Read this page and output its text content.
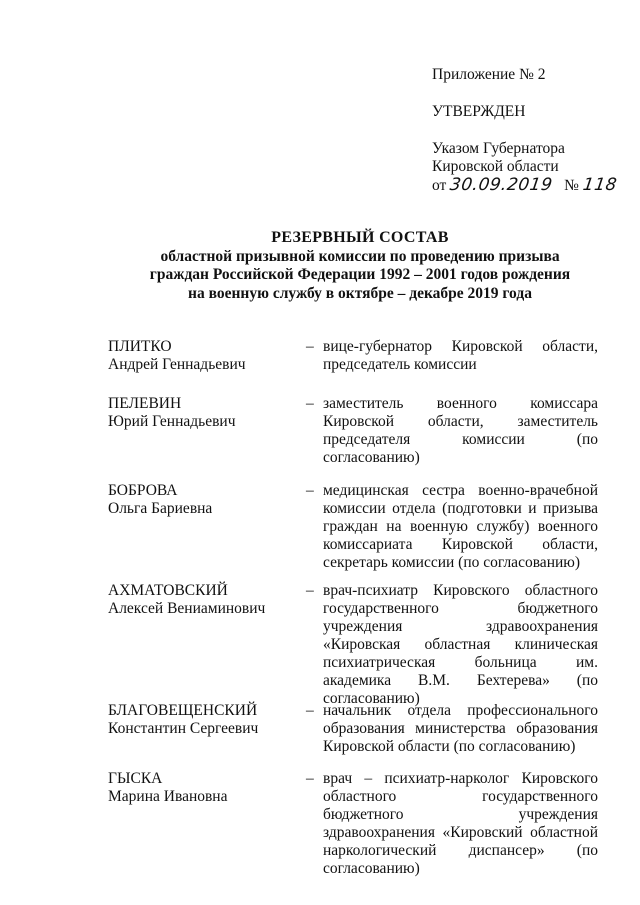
Приложение № 2
УТВЕРЖДЕН
Указом Губернатора
Кировской области
от 30.09.2019 № 118
РЕЗЕРВНЫЙ СОСТАВ
областной призывной комиссии по проведению призыва
граждан Российской Федерации 1992 – 2001 годов рождения
на военную службу в октябре – декабре 2019 года
ПЛИТКО
Андрей Геннадьевич
– вице-губернатор Кировской области, председатель комиссии
ПЕЛЕВИН
Юрий Геннадьевич
– заместитель военного комиссара Кировской области, заместитель председателя комиссии (по согласованию)
БОБРОВА
Ольга Бариевна
– медицинская сестра военно-врачебной комиссии отдела (подготовки и призыва граждан на военную службу) военного комиссариата Кировской области, секретарь комиссии (по согласованию)
АХМАТОВСКИЙ
Алексей Вениаминович
– врач-психиатр Кировского областного государственного бюджетного учреждения здравоохранения «Кировская областная клиническая психиатрическая больница им. академика В.М. Бехтерева» (по согласованию)
БЛАГОВЕЩЕНСКИЙ
Константин Сергеевич
– начальник отдела профессионального образования министерства образования Кировской области (по согласованию)
ГЫСКА
Марина Ивановна
– врач – психиатр-нарколог Кировского областного государственного бюджетного учреждения здравоохранения «Кировский областной наркологический диспансер» (по согласованию)
